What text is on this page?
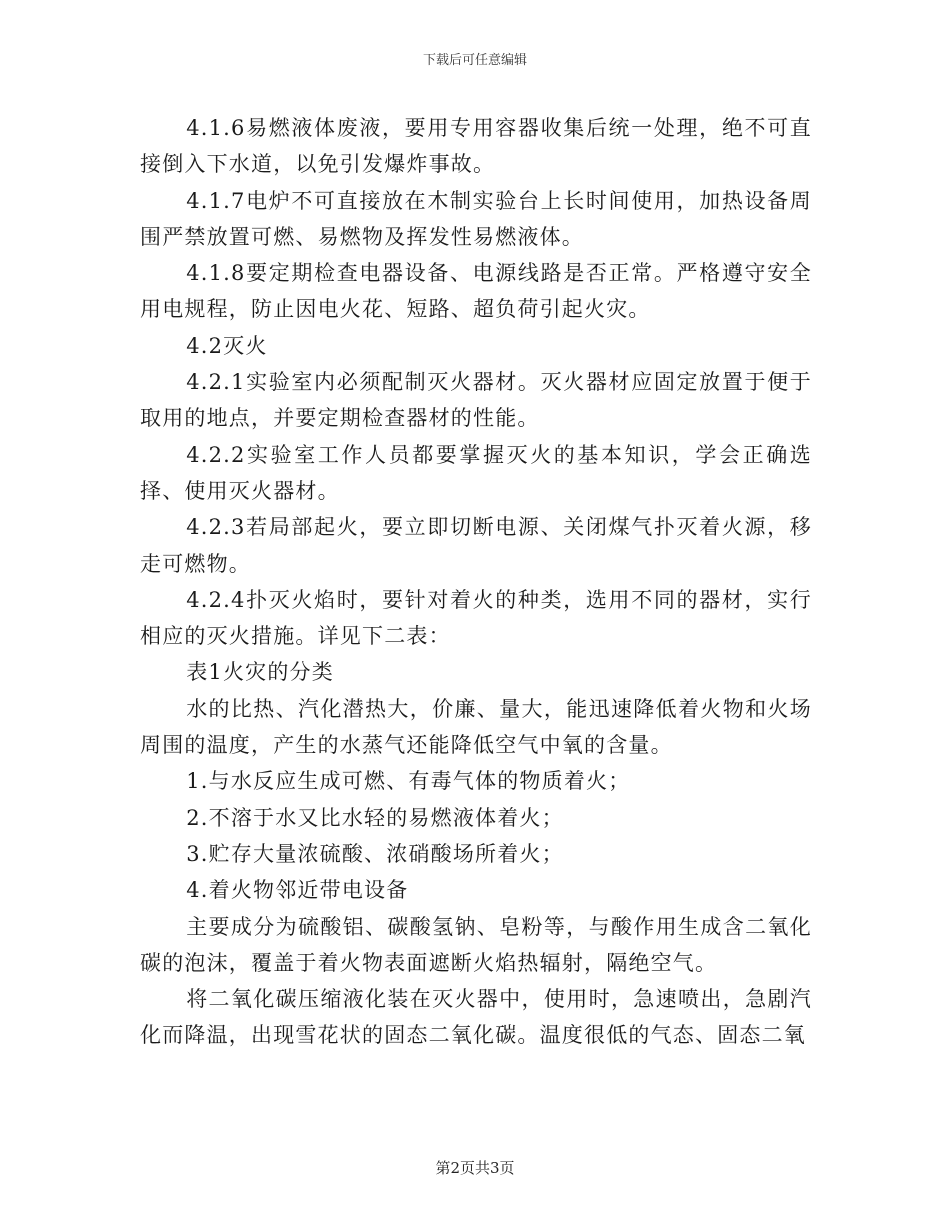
下载后可任意编辑

4.1.6易燃液体废液，要用专用容器收集后统一处理，绝不可直接倒入下水道，以免引发爆炸事故。

4.1.7电炉不可直接放在木制实验台上长时间使用，加热设备周围严禁放置可燃、易燃物及挥发性易燃液体。

4.1.8要定期检查电器设备、电源线路是否正常。严格遵守安全用电规程，防止因电火花、短路、超负荷引起火灾。

4.2灭火

4.2.1实验室内必须配制灭火器材。灭火器材应固定放置于便于取用的地点，并要定期检查器材的性能。

4.2.2实验室工作人员都要掌握灭火的基本知识，学会正确选择、使用灭火器材。

4.2.3若局部起火，要立即切断电源、关闭煤气扑灭着火源，移走可燃物。

4.2.4扑灭火焰时，要针对着火的种类，选用不同的器材，实行相应的灭火措施。详见下二表：

表1火灾的分类

水的比热、汽化潜热大，价廉、量大，能迅速降低着火物和火场周围的温度，产生的水蒸气还能降低空气中氧的含量。

1.与水反应生成可燃、有毒气体的物质着火；

2.不溶于水又比水轻的易燃液体着火；

3.贮存大量浓硫酸、浓硝酸场所着火；

4.着火物邻近带电设备

主要成分为硫酸铝、碳酸氢钠、皂粉等，与酸作用生成含二氧化碳的泡沫，覆盖于着火物表面遮断火焰热辐射，隔绝空气。

将二氧化碳压缩液化装在灭火器中，使用时，急速喷出，急剧汽化而降温，出现雪花状的固态二氧化碳。温度很低的气态、固态二氧

第2页共3页
